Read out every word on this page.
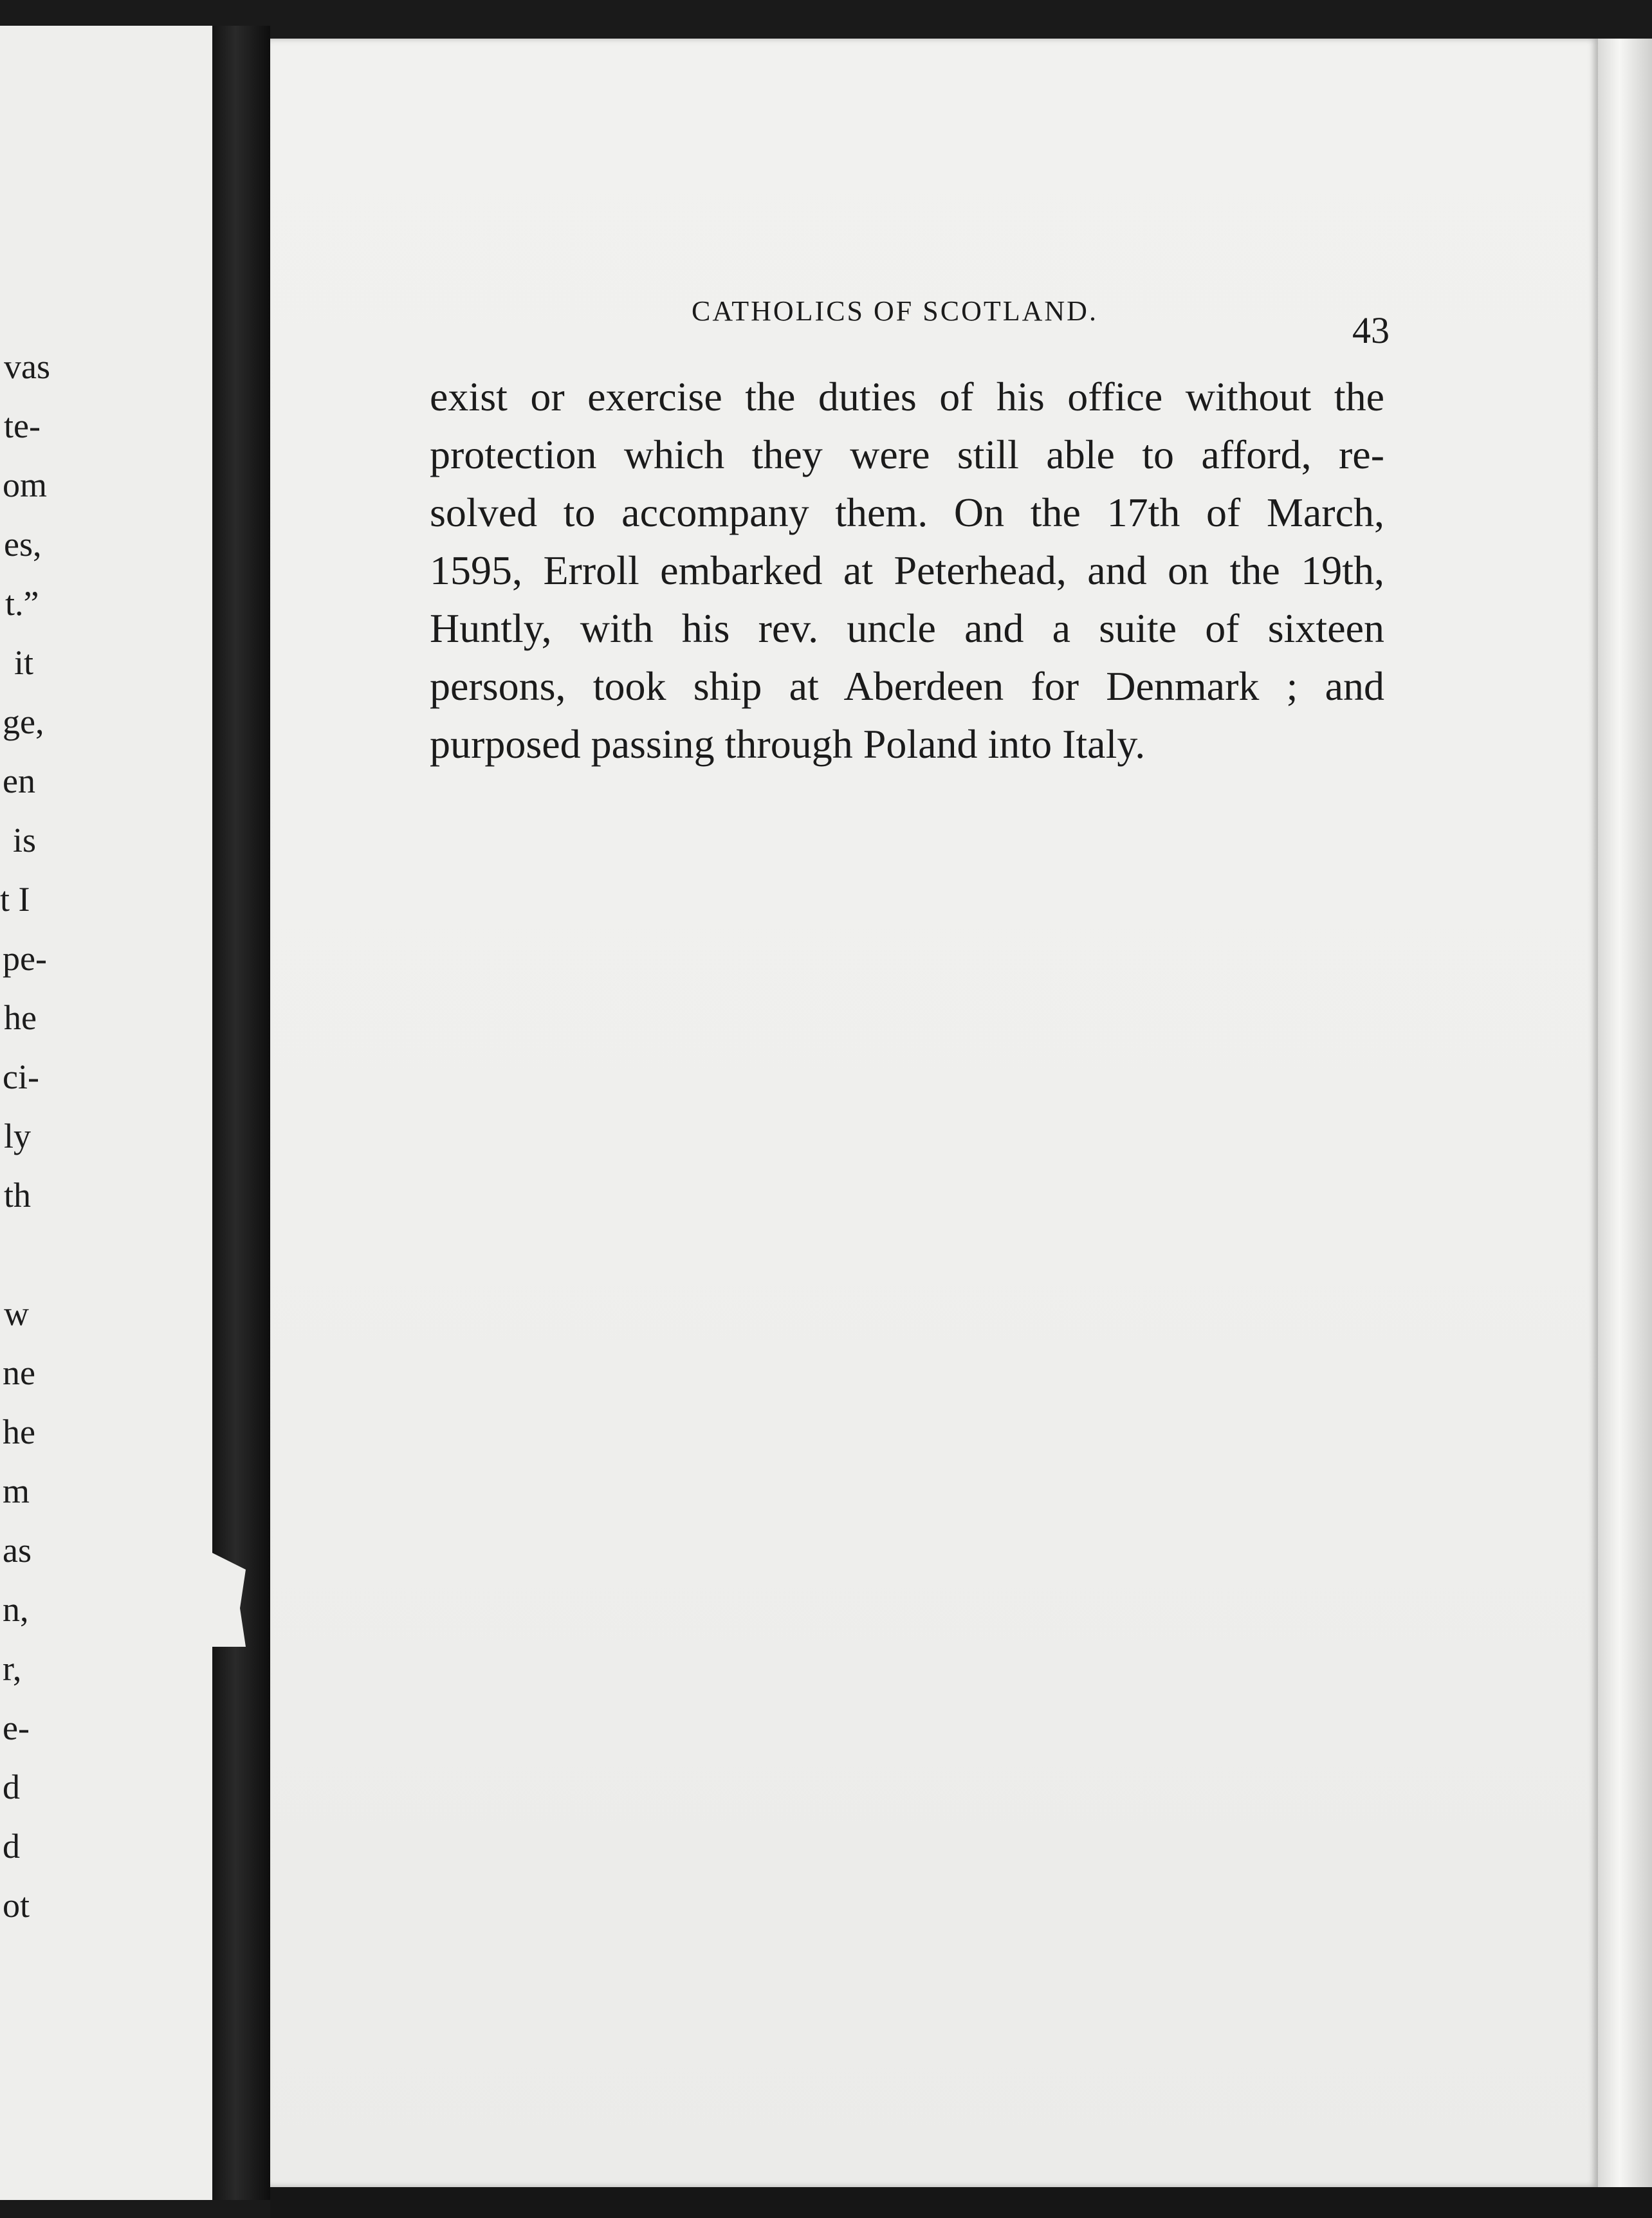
vas
te-
om
es,
t.”
it
ge,
en
is
t I
pe-
he
ci-
ly
th
w
ne
he
m
as
n,
r,
e-
d
d
ot
CATHOLICS OF SCOTLAND.	43
exist or exercise the duties of his office without the
protection which they were still able to afford, re-
solved to accompany them. On the 17th of March,
1595, Erroll embarked at Peterhead, and on the 19th,
Huntly, with his rev. uncle and a suite of sixteen
persons, took ship at Aberdeen for Denmark ; and
purposed passing through Poland into Italy.
